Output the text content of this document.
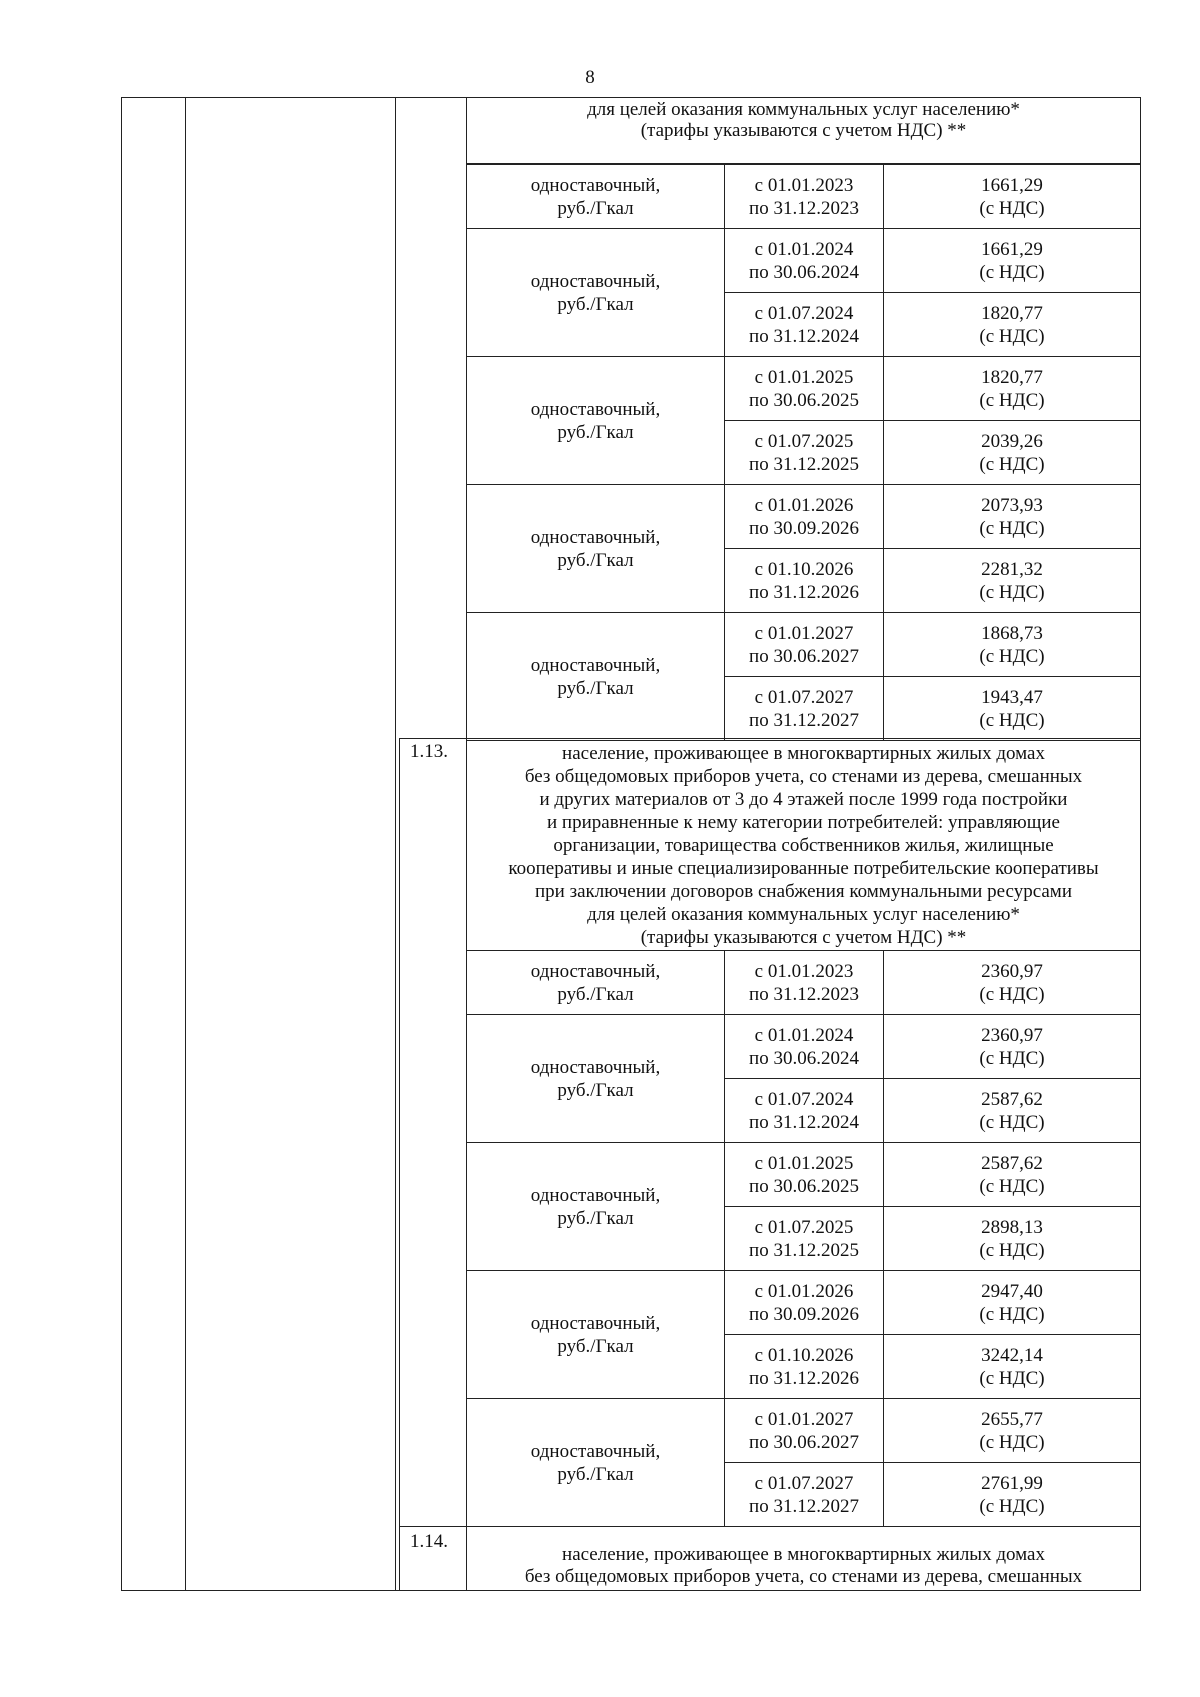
8
для целей оказания коммунальных услуг населению*
(тарифы указываются с учетом НДС) **
одноставочный,
руб./Гкал
с 01.01.2023
по 31.12.2023
1661,29
(с НДС)
одноставочный,
руб./Гкал
с 01.01.2024
по 30.06.2024
1661,29
(с НДС)
с 01.07.2024
по 31.12.2024
1820,77
(с НДС)
одноставочный,
руб./Гкал
с 01.01.2025
по 30.06.2025
1820,77
(с НДС)
с 01.07.2025
по 31.12.2025
2039,26
(с НДС)
одноставочный,
руб./Гкал
с 01.01.2026
по 30.09.2026
2073,93
(с НДС)
с 01.10.2026
по 31.12.2026
2281,32
(с НДС)
одноставочный,
руб./Гкал
с 01.01.2027
по 30.06.2027
1868,73
(с НДС)
с 01.07.2027
по 31.12.2027
1943,47
(с НДС)
1.13.	население, проживающее в многоквартирных жилых домах
без общедомовых приборов учета, со стенами из дерева, смешанных
и других материалов от 3 до 4 этажей после 1999 года постройки
и приравненные к нему категории потребителей: управляющие
организации, товарищества собственников жилья, жилищные
кооперативы и иные специализированные потребительские кооперативы
при заключении договоров снабжения коммунальными ресурсами
для целей оказания коммунальных услуг населению*
(тарифы указываются с учетом НДС) **
одноставочный,
руб./Гкал
с 01.01.2023
по 31.12.2023
2360,97
(с НДС)
одноставочный,
руб./Гкал
с 01.01.2024
по 30.06.2024
2360,97
(с НДС)
с 01.07.2024
по 31.12.2024
2587,62
(с НДС)
одноставочный,
руб./Гкал
с 01.01.2025
по 30.06.2025
2587,62
(с НДС)
с 01.07.2025
по 31.12.2025
2898,13
(с НДС)
одноставочный,
руб./Гкал
с 01.01.2026
по 30.09.2026
2947,40
(с НДС)
с 01.10.2026
по 31.12.2026
3242,14
(с НДС)
одноставочный,
руб./Гкал
с 01.01.2027
по 30.06.2027
2655,77
(с НДС)
с 01.07.2027
по 31.12.2027
2761,99
(с НДС)
1.14.
население, проживающее в многоквартирных жилых домах
без общедомовых приборов учета, со стенами из дерева, смешанных
